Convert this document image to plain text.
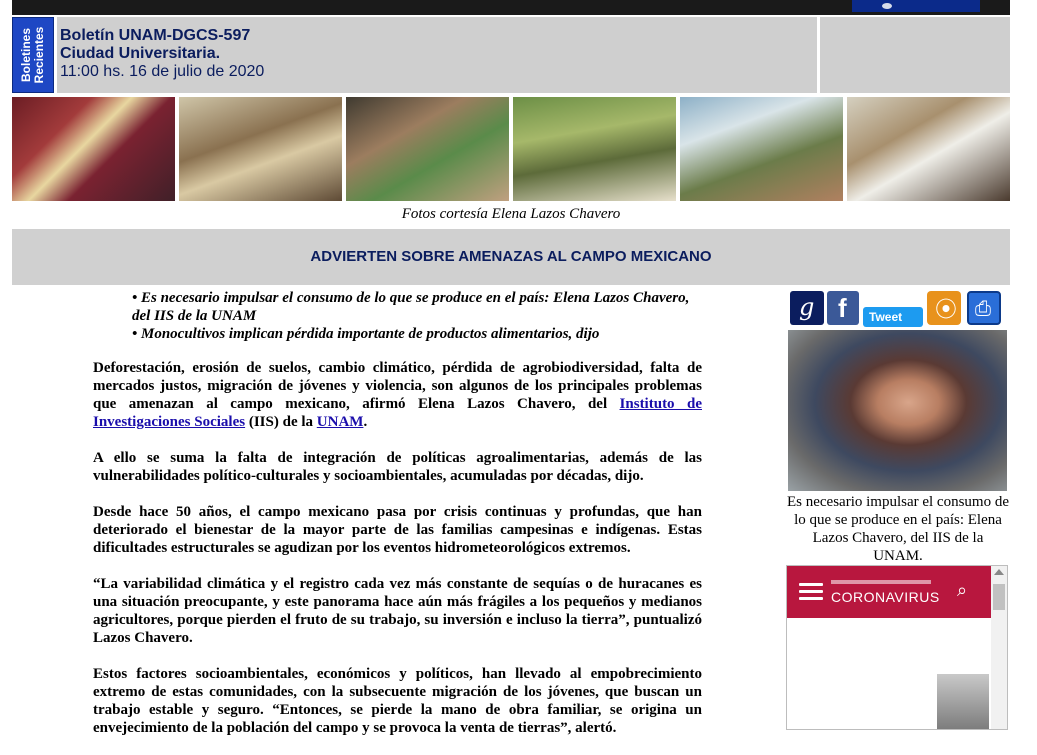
Boletines Recientes Boletín UNAM-DGCS-597
Ciudad Universitaria.
11:00 hs. 16 de julio de 2020
Fotos cortesía Elena Lazos Chavero
ADVIERTEN SOBRE AMENAZAS AL CAMPO MEXICANO

• Es necesario impulsar el consumo de lo que se produce en el país: Elena Lazos Chavero, del IIS de la UNAM

• Monocultivos implican pérdida importante de productos alimentarios, dijo

Deforestación, erosión de suelos, cambio climático, pérdida de agrobiodiversidad, falta de mercados justos, migración de jóvenes y violencia, son algunos de los principales problemas que amenazan al campo mexicano, afirmó Elena Lazos Chavero, del Instituto de Investigaciones Sociales (IIS) de la UNAM.

A ello se suma la falta de integración de políticas agroalimentarias, además de las vulnerabilidades político-culturales y socioambientales, acumuladas por décadas, dijo.

Desde hace 50 años, el campo mexicano pasa por crisis continuas y profundas, que han deteriorado el bienestar de la mayor parte de las familias campesinas e indígenas. Estas dificultades estructurales se agudizan por los eventos hidrometeorológicos extremos.

“La variabilidad climática y el registro cada vez más constante de sequías o de huracanes es una situación preocupante, y este panorama hace aún más frágiles a los pequeños y medianos agricultores, porque pierden el fruto de su trabajo, su inversión e incluso la tierra”, puntualizó Lazos Chavero.

Estos factores socioambientales, económicos y políticos, han llevado al empobrecimiento extremo de estas comunidades, con la subsecuente migración de los jóvenes, que buscan un trabajo estable y seguro. “Entonces, se pierde la mano de obra familiar, se origina un envejecimiento de la población del campo y se provoca la venta de tierras”, alertó.

g f Tweet ⦿ ⎙
Es necesario impulsar el consumo de lo que se produce en el país: Elena Lazos Chavero, del IIS de la UNAM.
CORONAVIRUS ⌕
